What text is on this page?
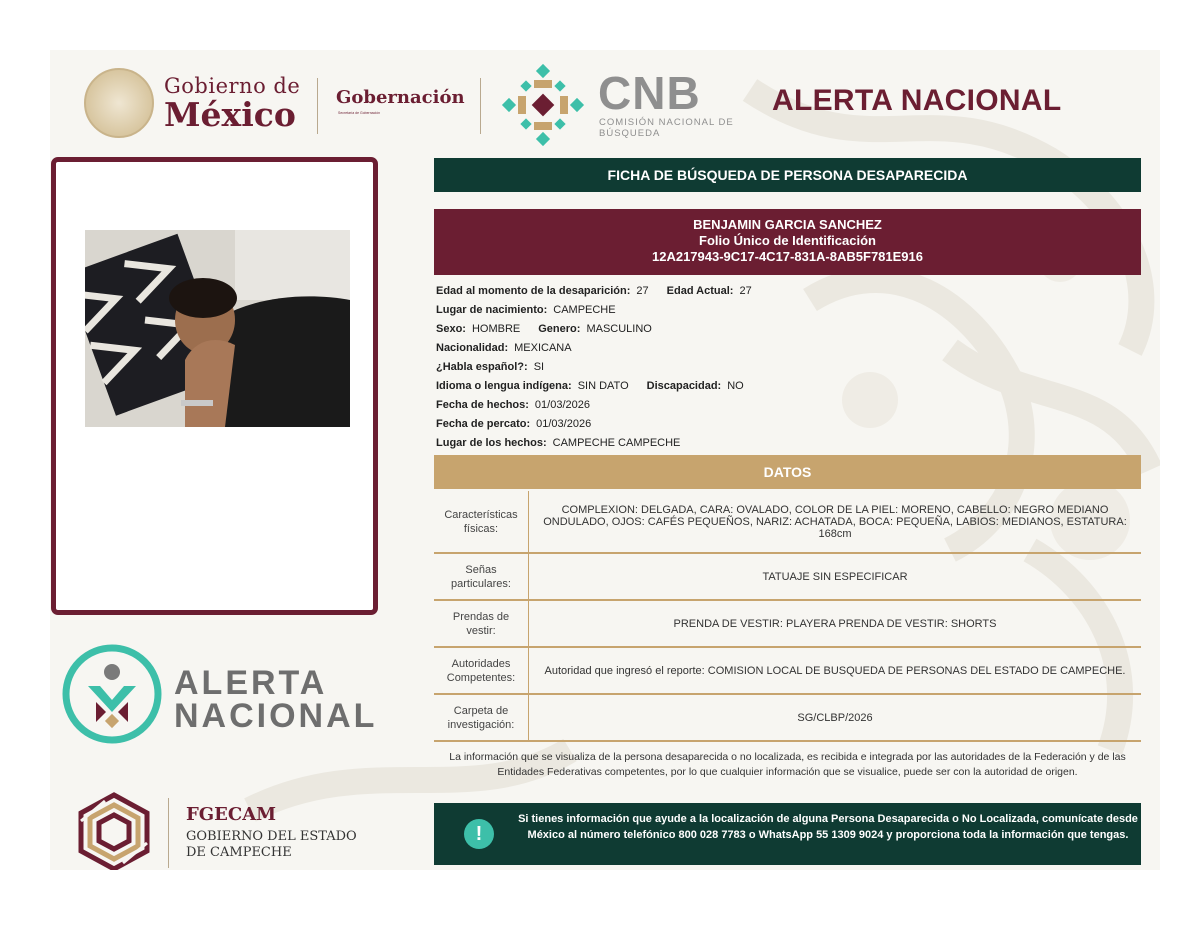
Gobierno de
México Gobernación
Secretaría de Gobernación	CNB
COMISIÓN NACIONAL DE BÚSQUEDA
ALERTA NACIONAL
ALERTA
NACIONAL
FGECAM
GOBIERNO DEL ESTADO
DE CAMPECHE
FICHA DE BÚSQUEDA DE PERSONA DESAPARECIDA
BENJAMIN GARCIA SANCHEZ
Folio Único de Identificación
12A217943-9C17-4C17-831A-8AB5F781E916
Edad al momento de la desaparición: 27 Edad Actual: 27
Lugar de nacimiento: CAMPECHE
Sexo: HOMBRE Genero: MASCULINO
Nacionalidad: MEXICANA
¿Habla español?: SI
Idioma o lengua indígena: SIN DATO Discapacidad: NO
Fecha de hechos: 01/03/2026
Fecha de percato: 01/03/2026
Lugar de los hechos: CAMPECHE CAMPECHE
DATOS
Características físicas:	COMPLEXION: DELGADA, CARA: OVALADO, COLOR DE LA PIEL: MORENO, CABELLO: NEGRO MEDIANO ONDULADO, OJOS: CAFÉS PEQUEÑOS, NARIZ: ACHATADA, BOCA: PEQUEÑA, LABIOS: MEDIANOS, ESTATURA: 168cm
Señas particulares:	TATUAJE SIN ESPECIFICAR
Prendas de vestir:	PRENDA DE VESTIR: PLAYERA PRENDA DE VESTIR: SHORTS
Autoridades Competentes:	Autoridad que ingresó el reporte: COMISION LOCAL DE BUSQUEDA DE PERSONAS DEL ESTADO DE CAMPECHE.
Carpeta de investigación:	SG/CLBP/2026
La información que se visualiza de la persona desaparecida o no localizada, es recibida e integrada por las autoridades de la Federación y de las Entidades Federativas competentes, por lo que cualquier información que se visualice, puede ser con la autoridad de origen.
!
Si tienes información que ayude a la localización de alguna Persona Desaparecida o No Localizada, comunícate desde México al número telefónico 800 028 7783 o WhatsApp 55 1309 9024 y proporciona toda la información que tengas.
